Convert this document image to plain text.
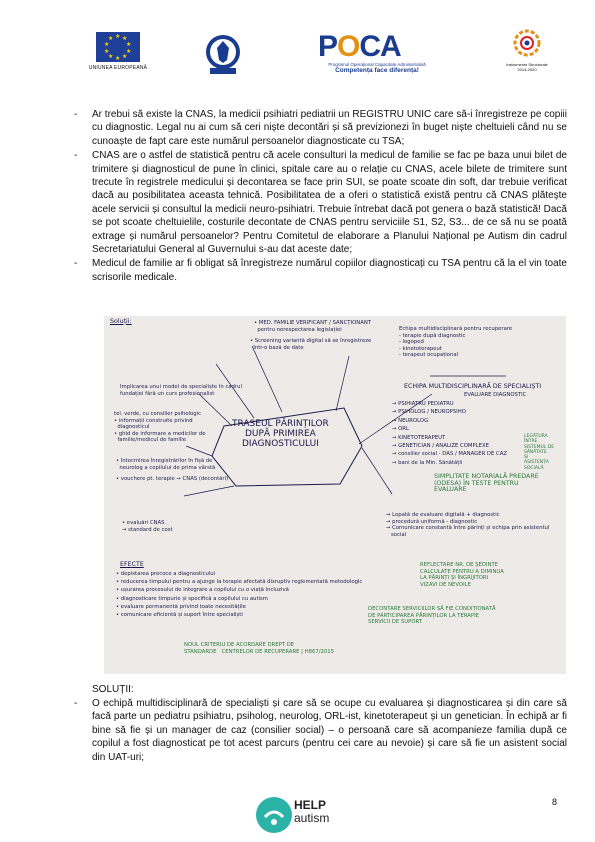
★ ★
★
★
★
★
★
★
★
★
UNIUNEA EUROPEANĂ
POCA
Programul Operațional Capacitate Administrativă
Competența face diferența!
Instrumente Structurale 2014-2020
- Ar trebui să existe la CNAS, la medicii psihiatri pediatrii un REGISTRU UNIC care să-i înregistreze pe copiii cu diagnostic. Legal nu ai cum să ceri niște decontări și să previzionezi în buget niște cheltuieli când nu se cunoaște de fapt care este numărul persoanelor diagnosticate cu TSA;
- CNAS are o astfel de statistică pentru că acele consulturi la medicul de familie se fac pe baza unui bilet de trimitere și diagnosticul de pune în clinici, spitale care au o relație cu CNAS, acele bilete de trimitere sunt trecute în registrele medicului și decontarea se face prin SUI, se poate scoate din soft, dar trebuie verificat dacă au posibilitatea aceasta tehnică. Posibilitatea de a oferi o statistică există pentru că CNAS plătește acele servicii și consultul la medicii neuro-psihiatri. Trebuie întrebat dacă pot genera o bază statistică! Dacă se pot scoate cheltuielile, costurile decontate de CNAS pentru serviciile S1, S2, S3... de ce să nu se poată extrage și numărul persoanelor? Pentru Comitetul de elaborare a Planului Național pe Autism din cadrul Secretariatului General al Guvernului s-au dat aceste date;
- Medicul de familie ar fi obligat să înregistreze numărul copiilor diagnosticați cu TSA pentru că la el vin toate scrisorile medicale.
Soluții:	• MED. FAMILIE VERIFICANT / SANCȚIONANT
pentru nerespectarea legislației
• Screening variantă digital să se înregistreze
într-o bază de date
Echipa multidisciplinară pentru recuperare
- terapie după diagnostic
- logoped
- kinetoterapeut
- terapeut ocupațional
Implicarea unui model de specialiște în cadrul
fundației fără un curs profesionalist
tel. verde, cu consilier psihologic
• informații construite privind
diagnosticul
• ghid de informare a medicilor de
familie/medicul de familie
TRASEUL PĂRINȚILOR
DUPĂ PRIMIREA
DIAGNOSTICULUI
• întocmirea înregistrărilor în fișă de
neurolog a copilului de prima vârstă
• vouchere pt. terapie → CNAS (decontări)
• evaluări CNAS
→ standard de cost
ECHIPA MULTIDISCIPLINARĂ DE SPECIALIȘTI
EVALUARE DIAGNOSTIC
→ PSIHIATRU PEDIATRU
→ PSIHOLOG / NEUROPSIHO
→ NEUROLOG
→ ORL
→ KINETOTERAPEUT
→ GENETICIAN / ANALIZE COMPLEXE
→ consilier social - DAS / MANAGER DE CAZ
→ bani de la Min. Sănătății
LEGĂTURA
ÎNTRE
SISTEMUL DE
SĂNĂTATE
ȘI
ASISTENȚA
SOCIALĂ
SIMPLITATE NOTARIALĂ PREDARE
(ODESA) ÎN TESTE PENTRU
EVALUARE
→ Lopată de evaluare digitală + diagnostic
→ procedură uniformă - diagnostic
→ Comunicare constantă între părinți și echipa prin asistentul
social
EFECTE
• depistarea precoce a diagnosticului
• reducerea timpului pentru a ajunge la terapie afectată disruptiv reglementată metodologic
• ușurarea procesului de integrare a copilului cu o viață incluzivă
• diagnosticare timpurie și specifică a copilului cu autism
• evaluare permanentă privind toate necesitățile
• comunicare eficientă și suport între specialiști
REFLECTARE NR. DE ȘEDINȚE
CALCULATE PENTRU A DIMINUA
LA PĂRINȚI ȘI ÎNGRIJITORI
VIZAVI DE NEVOILE
DECONTARE SERVICIILOR SĂ FIE CONDIȚIONATĂ
DE PARTICIPAREA PĂRINȚILOR LA TERAPIE
SERVICII DE SUPORT
NOUL CRITERIU DE ACORDARE DREPT DE
STANDARDE   CENTRELOR DE RECUPERARE | H867/2015
SOLUȚII:
- O echipă multidisciplinară de specialiști și care să se ocupe cu evaluarea și diagnosticarea și din care să facă parte un pediatru psihiatru, psiholog, neurolog, ORL-ist, kinetoterapeut și un genetician. În echipă ar fi bine să fie și un manager de caz (consilier social) – o persoană care să acompanieze familia după ce copilul a fost diagnosticat pe tot acest parcurs (pentru cei care au nevoie) și care să fie un asistent social din UAT-uri;
HELP
autism
8
